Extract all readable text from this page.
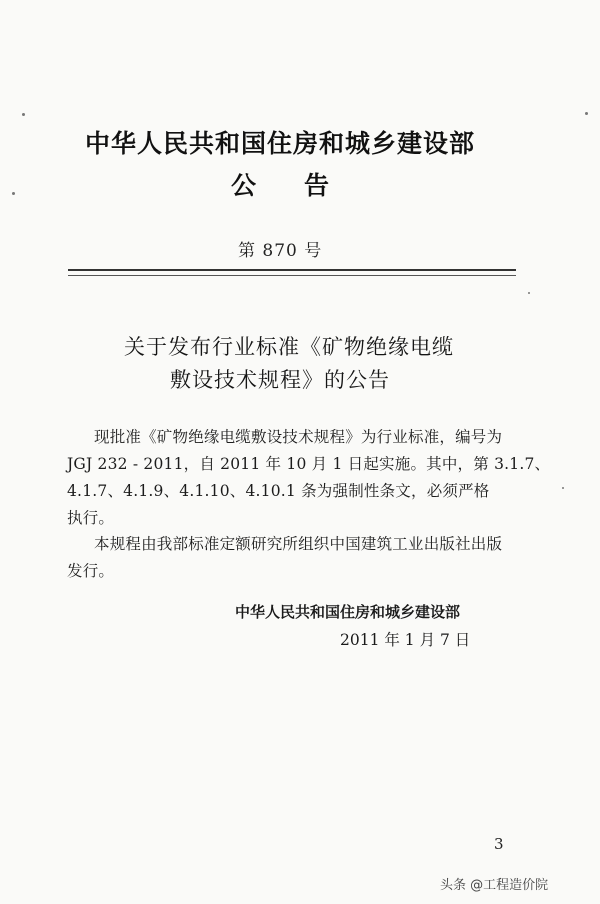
中华人民共和国住房和城乡建设部
公告
第 870 号
关于发布行业标准《矿物绝缘电缆
敷设技术规程》的公告
现批准《矿物绝缘电缆敷设技术规程》为行业标准，编号为
JGJ 232 - 2011，自 2011 年 10 月 1 日起实施。其中，第 3.1.7、
4.1.7、4.1.9、4.1.10、4.10.1 条为强制性条文，必须严格
执行。
本规程由我部标准定额研究所组织中国建筑工业出版社出版
发行。
中华人民共和国住房和城乡建设部
2011 年 1 月 7 日
3
头条 @工程造价院
